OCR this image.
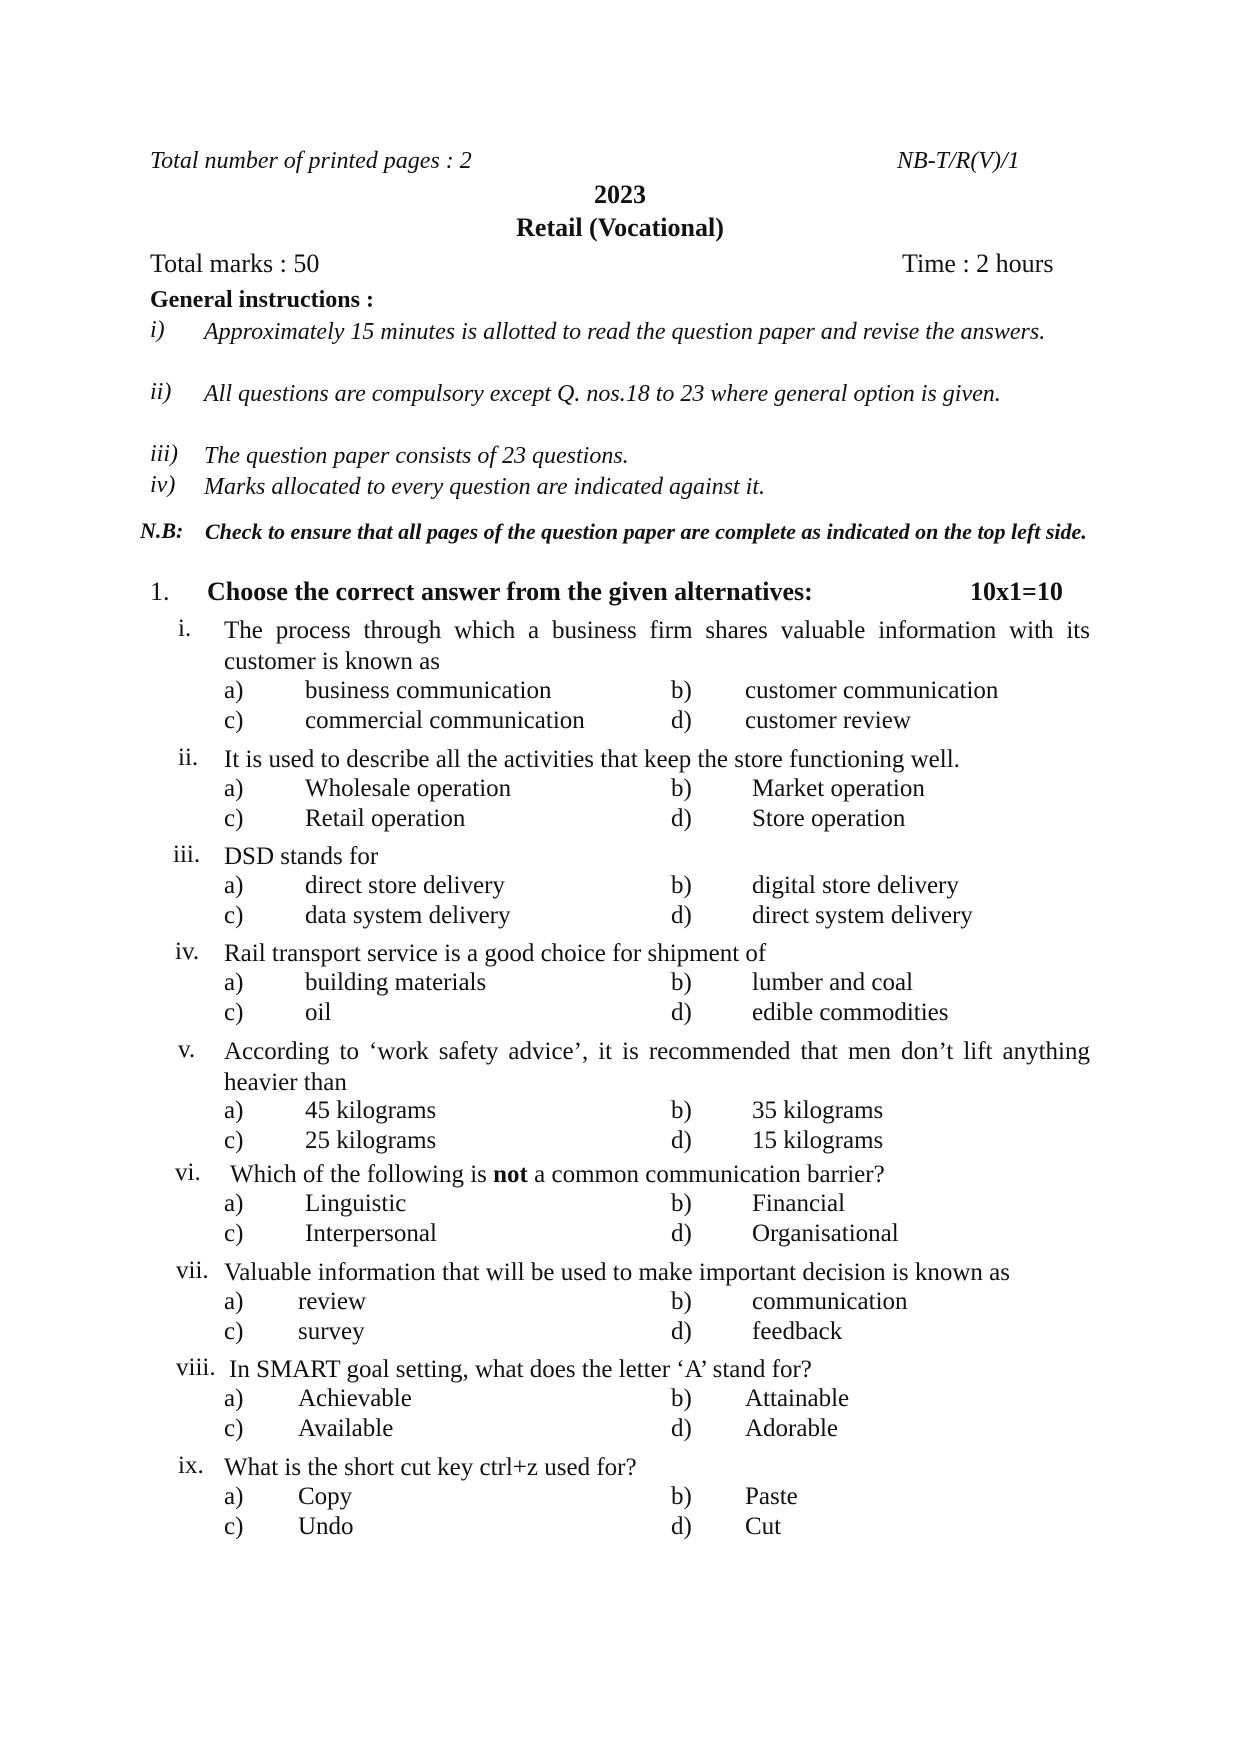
Total number of printed pages : 2	NB-T/R(V)/1
2023
Retail (Vocational)
Total marks : 50	Time : 2 hours
General instructions :
i) Approximately 15 minutes is allotted to read the question paper and revise the answers.
ii) All questions are compulsory except Q. nos.18 to 23 where general option is given.
iii) The question paper consists of 23 questions.
iv) Marks allocated to every question are indicated against it.
N.B: Check to ensure that all pages of the question paper are complete as indicated on the top left side.
1. Choose the correct answer from the given alternatives:	10x1=10
i. The process through which a business firm shares valuable information with its customer is known as
a) business communication	b) customer communication
c) commercial communication	d) customer review
ii. It is used to describe all the activities that keep the store functioning well.
a) Wholesale operation	b) Market operation
c) Retail operation	d) Store operation
iii. DSD stands for
a) direct store delivery	b) digital store delivery
c) data system delivery	d) direct system delivery
iv. Rail transport service is a good choice for shipment of
a) building materials	b) lumber and coal
c) oil	d) edible commodities
v. According to ‘work safety advice’, it is recommended that men don’t lift anything heavier than
a) 45 kilograms	b) 35 kilograms
c) 25 kilograms	d) 15 kilograms
vi. Which of the following is not a common communication barrier?
a) Linguistic	b) Financial
c) Interpersonal	d) Organisational
vii. Valuable information that will be used to make important decision is known as
a) review	b) communication
c) survey	d) feedback
viii. In SMART goal setting, what does the letter ‘A’ stand for?
a) Achievable	b) Attainable
c) Available	d) Adorable
ix. What is the short cut key ctrl+z used for?
a) Copy	b) Paste
c) Undo	d) Cut
